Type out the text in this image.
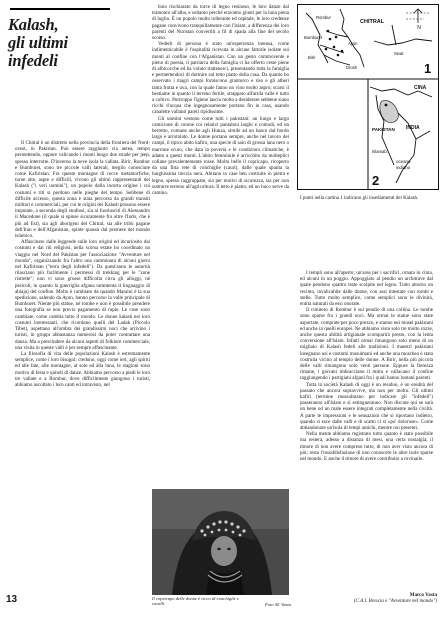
Kalash,
gli ultimi infedeli

Il Chitral è un distretto nella provincia della frontiera del Nord-ovest, in Pakistan. Può essere raggiunto via aerea, tempo permettendo, oppure valicando i monti lungo due strade per jeep, spesso interrotte. D'inverno la neve isola la vallata. Birir, Rombur e Bumburet, sono tre piccole valli laterali, meglio conosciute come Kafiristan. Fra queste montagne di rocce metamorfiche, turne alte, aspre e difficili, vivono gli ultimi rappresentanti dei Kalash ("i veri uomini"), un popolo dalla incerta origine i cui costumi e riti si perdono nelle pieghe del tempo. Sebbene di difficile accesso, questa zona è stata percorsa da grandi transiti militari e commerciali, per cui le origini dei Kalash possono essere imputate, a seconda degli studiosi, sia ai fuoriusciti di Alessandro il Macedone (il quale si spinse sicuramente fin oltre l'Indo, che è più ad Est), sia agli aborigeni del Chitral, sia alle tribù pagane dell'Iran e dell'Afganistan, spinte quassù dal premere del mondo islamico.

Affascinato dalle leggende sulle loro origini ed incuriosito dai costumi e dai riti religiosi, nella scorsa estate ho coordinato un viaggio nel Nord del Pakistan per l'associazione "Avventure nel mondo", organizzando fra l'altro una camminata di alcuni giorni nel Kafiristan ("terra degli infedeli"). Da quest'anno le autorità rilasciano più facilmente i permessi di trekking per le "zone ristrette"; non vi sono grosse difficoltà circa gli alloggi, né pericoli, in quanto la guerriglia afgana rammenta il linguaggio di ablajuj del confine. Molto è cambiato da quando Maraini è la sua spedizione, salendo da Ayun, hanno percorso la valle principale di Bumburet. Niente più statue, né tombe e non è possibile prendere una fotografia se non previo pagamento di rupie. Le cose sono cambiate, come cambia tutto il mondo. Le donne kalash nei loro costumi interessanti, che ricordano quelli del Ladak (Piccolo Tibet), aspettano all'ombra dei grandissimi noci che arrivino i turisti, in gruppi abbastanza numerosi da poter contrattare una danza. Ma a prescindere da alcuni aspetti di folklore commerciale, una visita in queste valli è per sempre affascinante.

La filosofia di vita delle popolazioni Kalash è estremamente semplice, come i loro bisogni; credono, oggi come ieri, agli spiriti ed alle fate, alle montagne, al sole ed alla luna, le stagioni sono motivo di festa e quindi di danze. Abbiamo percorso a piedi le loro tre vallate e a Rombur, dove difficilmente giungono i turisti, abbiamo ascoltato i loro canti ed intravisto, nel

buio rischiarato da torce di legno resinoso, le loro danze dal tramonto all'alba, e soltanto perché eravamo giunti per la luna piena di luglio. È un popolo molto tollerante ed ospitale, le loro credenze pagane convivono tranquillamente con l'Islam, a differenza dei loro parenti del Nuristan convertiti a fil di spada alla fine del secolo scorso.

Vederli di persona è stato un'esperienza intensa, come indimenticabile è l'ospitalità ricevuta in alcune fattorie isolate sui monti al confine con l'Afganistan. Con un gesto commovente e pieno di poesia, il patriarca della famiglia ci ha offerto ceste piene di albicocche ed ha voluto trattenerci, presentando tutta la famiglia e permettendoci di dormire sul tetto piatto della casa. Da quanto ho osservato i magri campi forniscono granturco e riso e gli alberi tanta frutta e uva, con la quale fanno un vino molto aspro; scarsi il bestiame in quanto il terreno fertile, strappato all'arida valle è tutto a coltivo. Purtroppo l'igiene lascia molto a desiderare sebbene siano ricchi d'acqua che ingegnosamente portano fin in casa, usando canalette vallanti pareti ripidissime.

Gli uomini vestono come tutti i pakistani: un lungo e largo camicione di cotone coi relativi pantaloni larghi e comodi, ed un berretto, comune anche agli Hunza, simile ad un basco dal bordo largo e arrotolato. Le donne portano sempre, anche nel lavoro dei campi, il tipico abito kafiro, una specie di saio di grossa lana nero o marrone scuro, che data la povertà e le condizioni climatiche, è adatto a questi monti. L'abito femminile è arricchito da molteplici collane prevalentemente rosse. Molto bello il copricapo, ricoperto da una fitta rete di conchiglie (cauri), dalle quale spunta la lunghissima treccia nera. Abitano in case ben costruite in pietra e legno, spesso raggruppate, sia per motivi di sicurezza, sia per non sottrarre terreno all'agricoltura. Il tetto è piatto, ed un buco serve da camino.

Il copricapo delle donne è ricco di conchiglie e coralli.	Foto M. Vasta
N
CHITRAL
Rombur
Bumburet
Birir
Ayun
Drosh
Swat
1
CINA
PAKISTAN INDIA
Islamab.
oceano
indiano
2
I punti nella cartina 1 indicano gli insediamenti dei Kalash.

I templi sono all'aperto; un'area per i sacrifici, ornata in cima, ed alcuni in un poggio. Appoggiato al pendio un architrave dal quale pendono quattro teste scolpite nel legno. Tutto attorno un recinto, invalicabile dalle donne, con assi intestate con rombi e stelle. Tutto molto semplice, come semplici sono le divinità, entità naturali da essi onorate.

Il cimitero di Rombur è sul pendio di una collina. Le tombe sono sparse fra i grandi noci. Ma ormai le statue sono state asportate, comprate per poco prezzo, e stanno nei musei pakistani ed anche in quelli europei. Ne abbiamo visto solo tre molto rozze, anche questa abilità artigianale scomparirà presto, con la lenta conversione all'Islam. Infatti ormai rimangono solo meno di un migliaio di Kalash fedeli alle tradizioni. I maestri pakistani insegnano usi e costumi musulmani ed anche una moschea è stata costruita vicino al tempio delle donne. A Birir, nella più piccola delle valli rimangono solo venti persone. Eppure la fierezza rimane, i giovani imbracciano il mitra e vallacano il confine raggiungendo i partigiani afgani fra i quali hanno lontani parenti.

Tutta la società Kalash di oggi è un residuo, è un eredità del passato che ancora sopravvive, ma non per molto. Gli ultimi kafiri (termine mussulmano per indicare gli "infedeli") passeranno all'Islam e si estingueranno. Non discute qui se sarà un bene od un male essere integrati completamente nella civiltà. A parte le impressioni e le sensazioni che si riportano indietro, quando si esce dalle valli e di scatto ci si «po' dolorose». Come abbandonare un'isola di tempi antichi, mentre noi presenti.

Nella mente abbiamo registrato tutto quanto è stato possibile ma resterà, adesso a distanza di mesi, una certa nostalgia; il timore di non avere compreso tutto, di non aver visto ancora di più; resta l'insoddisfazione di non conoscere le altre isole sparse nel mondo. E anche il timore di avere contribuito a rovinarle.

Marco Vasta
(C.A.I. Brescia e "Avventure nel mondo")
13
